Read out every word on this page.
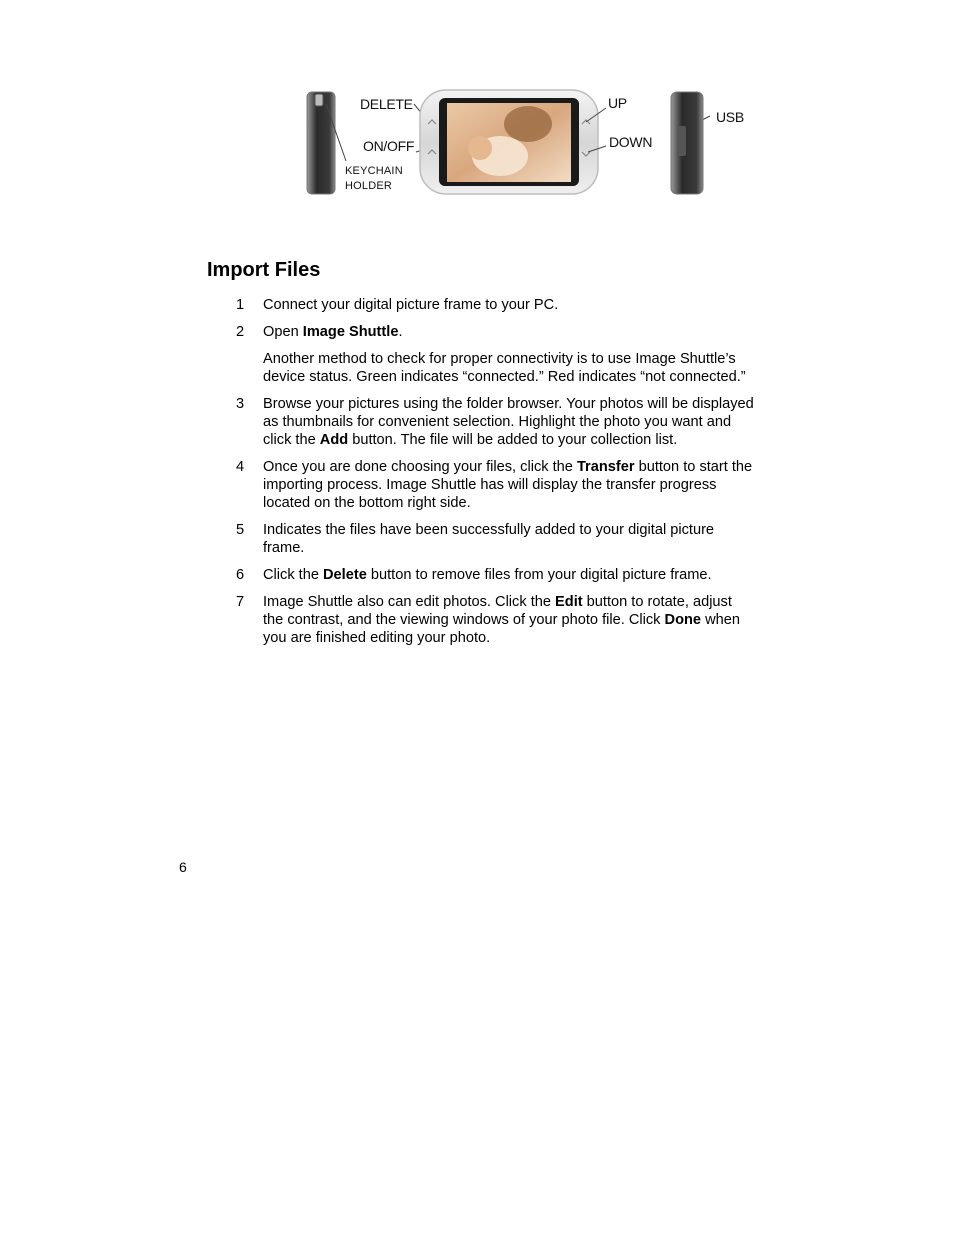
DELETE
ON/OFF
KEYCHAIN
HOLDER
UP
DOWN
USB
Import Files
1 Connect your digital picture frame to your PC.

2 Open Image Shuttle.

Another method to check for proper connectivity is to use Image Shuttle’s device status. Green indicates “connected.” Red indicates “not connected.”

3 Browse your pictures using the folder browser. Your photos will be displayed as thumbnails for convenient selection. Highlight the photo you want and click the Add button. The file will be added to your collection list.

4 Once you are done choosing your files, click the Transfer button to start the importing process. Image Shuttle has will display the transfer progress located on the bottom right side.

5 Indicates the files have been successfully added to your digital picture frame.

6 Click the Delete button to remove files from your digital picture frame.

7 Image Shuttle also can edit photos. Click the Edit button to rotate, adjust the contrast, and the viewing windows of your photo file. Click Done when you are finished editing your photo.

6
